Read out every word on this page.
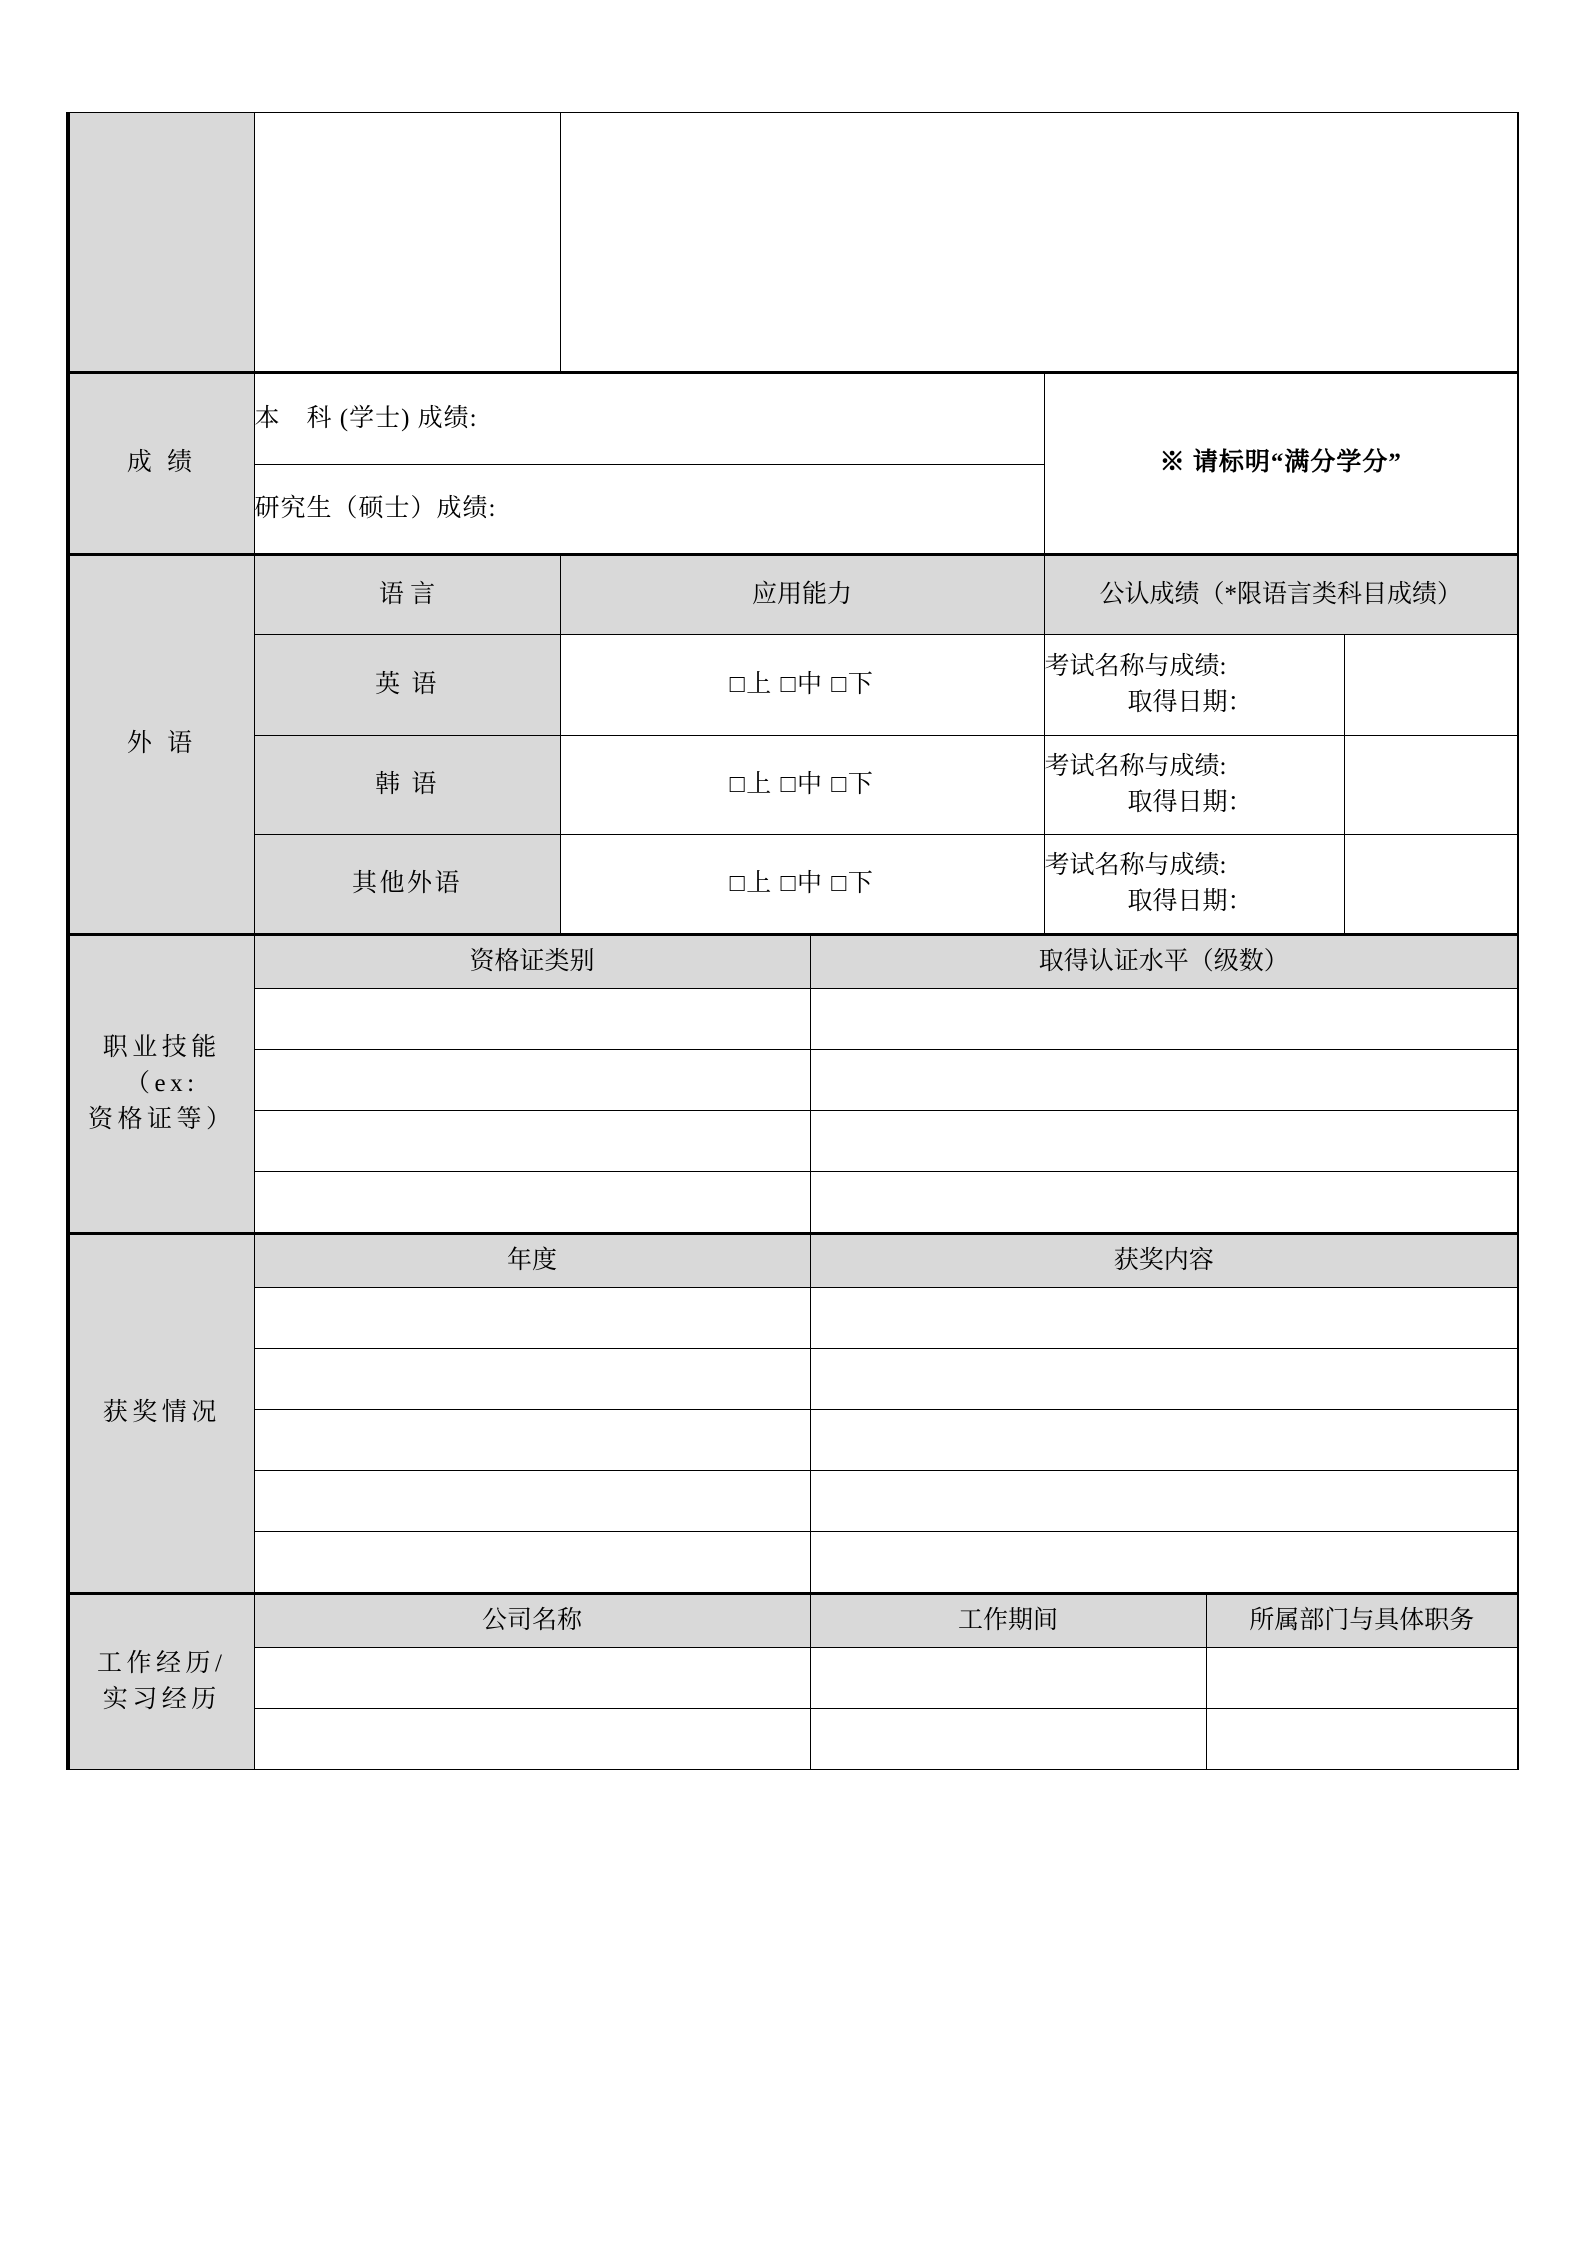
成 绩	本　科 (学士) 成绩:			※ 请标明“满分学分”		
	研究生（硕士）成绩:					
外 语	语 言	应用能力		公认成绩（*限语言类科目成绩）		
	英 语	□上 □中 □下		考试名称与成绩:
取得日期：		

	韩 语	□上 □中 □下		考试名称与成绩:
取得日期：		

	其他外语	□上 □中 □下		考试名称与成绩:
取得日期：		

职业技能
（ex:
资格证等）	资格证类别		取得认证水平（级数）			

获奖情况	年度		获奖内容			

工作经历/
实习经历	公司名称		工作期间		所属部门与具体职务	
